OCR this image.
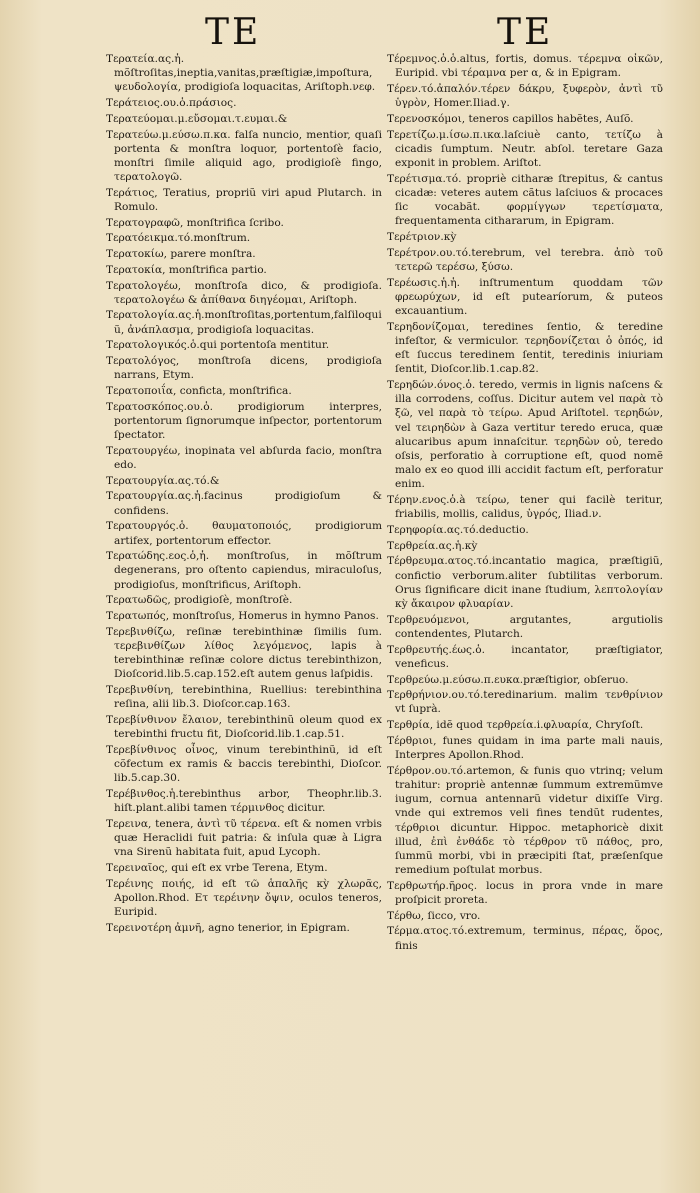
TE	TE

Τερατεία.ας.ἡ. mõſtroſitas,ineptia,vanitas,præſtigiæ,impoſtura, ψευδολογία, prodigioſa loquacitas, Ariſtoph.νεφ.

Τεράτειος.ου.ὁ.πράσιος.

Τερατεύομαι.μ.εὔσομαι.τ.ευμαι.&

Τερατεύω.μ.εύσω.π.κα. falſa nuncio, mentior, quaſi portenta & monſtra loquor, portentoſè facio, monſtri ſimile aliquid ago, prodigioſè fingo, τερατολογῶ.

Τεράτιος, Teratius, propriũ viri apud Plutarch. in Romulo.

Τερατογραφῶ, monſtrifica ſcribo.

Τερατόεικμα.τό.monſtrum.

Τερατοκίω, parere monſtra.

Τερατοκία, monſtrifica partio.

Τερατολογέω, monſtroſa dico, & prodigioſa. τερατολογέω & ἀπίθανα διηγέομαι, Ariſtoph.

Τερατολογία.ας.ἡ.monſtroſitas,portentum,falſiloquiũ, ἀνάπλασμα, prodigioſa loquacitas.

Τερατολογικός.ὁ.qui portentoſa mentitur.

Τερατολόγος, monſtroſa dicens, prodigioſa narrans, Etym.

Τερατοποιΐα, conficta, monſtrifica.

Τερατοσκόπος.ου.ὁ. prodigiorum interpres, portentorum ſignorumque inſpector, portentorum ſpectator.

Τερατουργέω, inopinata vel abſurda facio, monſtra edo.

Τερατουργία.ας.τό.&

Τερατουργία.ας.ἡ.facinus prodigioſum & confidens.

Τερατουργός.ὁ. θαυματοποιός, prodigiorum artifex, portentorum effector.

Τερατώδης.εος.ὁ,ἡ. monſtroſus, in mõſtrum degenerans, pro oſtento capiendus, miraculoſus, prodigioſus, monſtrificus, Ariſtoph.

Τερατωδῶς, prodigioſè, monſtroſè.

Τερατωπός, monſtroſus, Homerus in hymno Panos.

Τερεβινθίζω, reſinæ terebinthinæ ſimilis ſum. τερεβινθίζων λίθος λεγόμενος, lapis à terebinthinæ reſinæ colore dictus terebinthizon, Dioſcorid.lib.5.cap.152.eſt autem genus laſpidis.

Τερεβινθίνη, terebinthina, Ruellius: terebinthina reſina, alii lib.3. Dioſcor.cap.163.

Τερεβίνθινον ἔλαιον, terebinthinũ oleum quod ex terebinthi fructu fit, Dioſcorid.lib.1.cap.51.

Τερεβίνθινος οἶνος, vinum terebinthinũ, id eſt cõfectum ex ramis & baccis terebinthi, Dioſcor. lib.5.cap.30.

Τερέβινθος.ἡ.terebinthus arbor, Theophr.lib.3. hiſt.plant.alibi tamen τέρμινθος dicitur.

Τερεινα, tenera, ἀντὶ τῦ τέρενα. eſt & nomen vrbis quæ Heraclidi fuit patria: & inſula quæ à Ligra vna Sirenũ habitata fuit, apud Lycoph.

Τερειναῖος, qui eſt ex vrbe Terena, Etym.

Τερέινης ποιής, id eſt τῶ ἁπαλῆς κỳ χλωρᾶς, Apollon.Rhod. Ετ τερέινην ὄψιν, oculos teneros, Euripid.

Τερεινοτέρη ἀμνῆ, agno tenerior, in Epigram.

Τέρεμνος.ὁ.ὁ.altus, fortis, domus. τέρεμνα οἰκῶν, Euripid. vbi τέραμνα per α, & in Epigram.

Τέρεν.τό.ἀπαλόν.τέρεν δάκρυ, ξυφερὸν, ἀντὶ τῦ ὑγρὸν, Homer.Iliad.γ.

Τερενοσκόμοι, teneros capillos habẽtes, Auſõ.

Τερετίζω.μ.ίσω.π.ικα.laſciuè canto, τετίζω à cicadis ſumptum. Neutr. abſol. teretare Gaza exponit in problem. Ariſtot.

Τερέτισμα.τό. propriè citharæ ſtrepitus, & cantus cicadæ: veteres autem cãtus laſciuos & procaces ſic vocabãt. φορμίγγων τερετίσματα, frequentamenta cithararum, in Epigram.

Τερέτριον.κỳ

Τερέτρον.ου.τό.terebrum, vel terebra. ἀπὸ τοῦ τετερῶ τερέσω, ξύσω.

Τερέωσις.ἡ.ἡ. inſtrumentum quoddam τῶν φρεωρύχων, id eſt putearíorum, & puteos excauantium.

Τερηδονίζομαι, teredines ſentio, & teredine infeſtor, & vermiculor. τερηδονίζεται ὁ ὀπός, id eſt ſuccus teredinem ſentit, teredinis iniuriam ſentit, Dioſcor.lib.1.cap.82.

Τερηδών.όνος.ὁ. teredo, vermis in lignis naſcens & illa corrodens, coſſus. Dicitur autem vel παρὰ τὸ ξῶ, vel παρὰ τὸ τείρω. Apud Ariſtotel. τερηδών, vel τειρηδὼν à Gaza vertitur teredo eruca, quæ alucaribus apum innaſcitur. τερηδὼν οὐ, teredo oſsis, perforatio à corruptione eſt, quod nomẽ malo ex eo quod illi accidit factum eſt, perforatur enim.

Τέρην.ενος.ὁ.à τείρω, tener qui facilè teritur, friabilis, mollis, calidus, ὑγρός, Iliad.ν.

Τερηφορία.ας.τό.deductio.

Τερθρεία.ας.ἡ.κỳ

Τέρθρευμα.ατος.τό.incantatio magica, præſtigiũ, confictio verborum.aliter ſubtilitas verborum. Orus ſignificare dicit inane ſtudium, λεπτολογίαν κỳ ἄκαιρον φλυαρίαν.

Τερθρευόμενοι, argutantes, argutiolis contendentes, Plutarch.

Τερθρευτής.έως.ὁ. incantator, præſtigiator, veneficus.

Τερθρεύω.μ.εύσω.π.ευκα.præſtigior, obſeruo.

Τερθρήνιον.ου.τό.teredinarium. malim τενθρίνιον vt ſuprà.

Τερθρία, idẽ quod τερθρεία.i.φλυαρία, Chryſoſt.

Τέρθριοι, funes quidam in ima parte mali nauis, Interpres Apollon.Rhod.

Τέρθρον.ου.τό.artemon, & funis quo vtrinq; velum trahitur: propriè antennæ ſummum extremũmve iugum, cornua antennarũ videtur dixiſſe Virg. vnde qui extremos veli fines tendũt rudentes, τέρθριοι dicuntur. Hippoc. metaphoricè dixit illud, ἐπὶ ἐνθάδε τὸ τέρθρον τῦ πάθος, pro, ſummũ morbi, vbi in præcipiti ſtat, præſenſque remedium poſtulat morbus.

Τερθρωτήρ.ῆρος. locus in prora vnde in mare proſpicit proreta.

Τέρθω, ſicco, vro.

Τέρμα.ατος.τό.extremum, terminus, πέρας, ὅρος, finis
